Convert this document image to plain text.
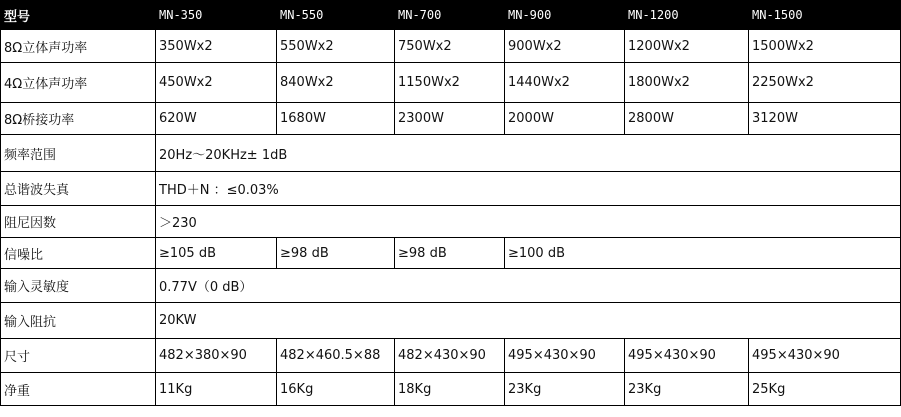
型号	MN-350	MN-550	MN-700	MN-900	MN-1200	MN-1500
8Ω立体声功率	350Wx2	550Wx2	750Wx2	900Wx2	1200Wx2	1500Wx2
4Ω立体声功率	450Wx2	840Wx2	1150Wx2	1440Wx2	1800Wx2	2250Wx2
8Ω桥接功率	620W	1680W	2300W	2000W	2800W	3120W
频率范围	20Hz～20KHz± 1dB					
总谐波失真	THD＋N ：≤0.03%					
阻尼因数	＞230					
信噪比	≥105 dB	≥98 dB	≥98 dB	≥100 dB		
输入灵敏度	0.77V（0 dB）					
输入阻抗	20KW					
尺寸	482×380×90	482×460.5×88	482×430×90	495×430×90	495×430×90	495×430×90
净重	11Kg	16Kg	18Kg	23Kg	23Kg	25Kg
